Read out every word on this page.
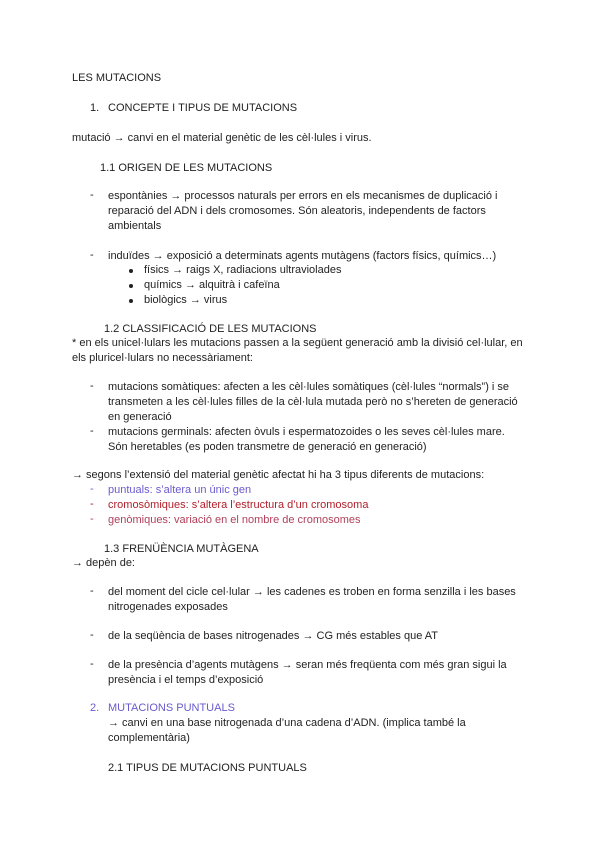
LES MUTACIONS
1. CONCEPTE I TIPUS DE MUTACIONS
mutació → canvi en el material genètic de les cèl·lules i virus.
1.1 ORIGEN DE LES MUTACIONS
- espontànies → processos naturals per errors en els mecanismes de duplicació i
reparació del ADN i dels cromosomes. Són aleatoris, independents de factors
ambientals
- induïdes → exposició a determinats agents mutàgens (factors físics, químics…)
físics → raigs X, radiacions ultraviolades
químics → alquitrà i cafeïna
biològics → virus
1.2 CLASSIFICACIÓ DE LES MUTACIONS
* en els unicel·lulars les mutacions passen a la següent generació amb la divisió cel·lular, en
els pluricel·lulars no necessàriament:
- mutacions somàtiques: afecten a les cèl·lules somàtiques (cèl·lules “normals”) i se
transmeten a les cèl·lules filles de la cèl·lula mutada però no s’hereten de generació
en generació
- mutacions germinals: afecten òvuls i espermatozoides o les seves cèl·lules mare.
Són heretables (es poden transmetre de generació en generació)
→ segons l’extensió del material genètic afectat hi ha 3 tipus diferents de mutacions:
- puntuals: s’altera un únic gen
- cromosòmiques: s’altera l’estructura d’un cromosoma
- genòmiques: variació en el nombre de cromosomes
1.3 FRENÜÈNCIA MUTÀGENA
→ depèn de:
- del moment del cicle cel·lular → les cadenes es troben en forma senzilla i les bases
nitrogenades exposades
- de la seqüència de bases nitrogenades → CG més estables que AT
- de la presència d’agents mutàgens → seran més freqüenta com més gran sigui la
presència i el temps d’exposició
2. MUTACIONS PUNTUALS
→ canvi en una base nitrogenada d’una cadena d’ADN. (implica també la
complementària)
2.1 TIPUS DE MUTACIONS PUNTUALS
